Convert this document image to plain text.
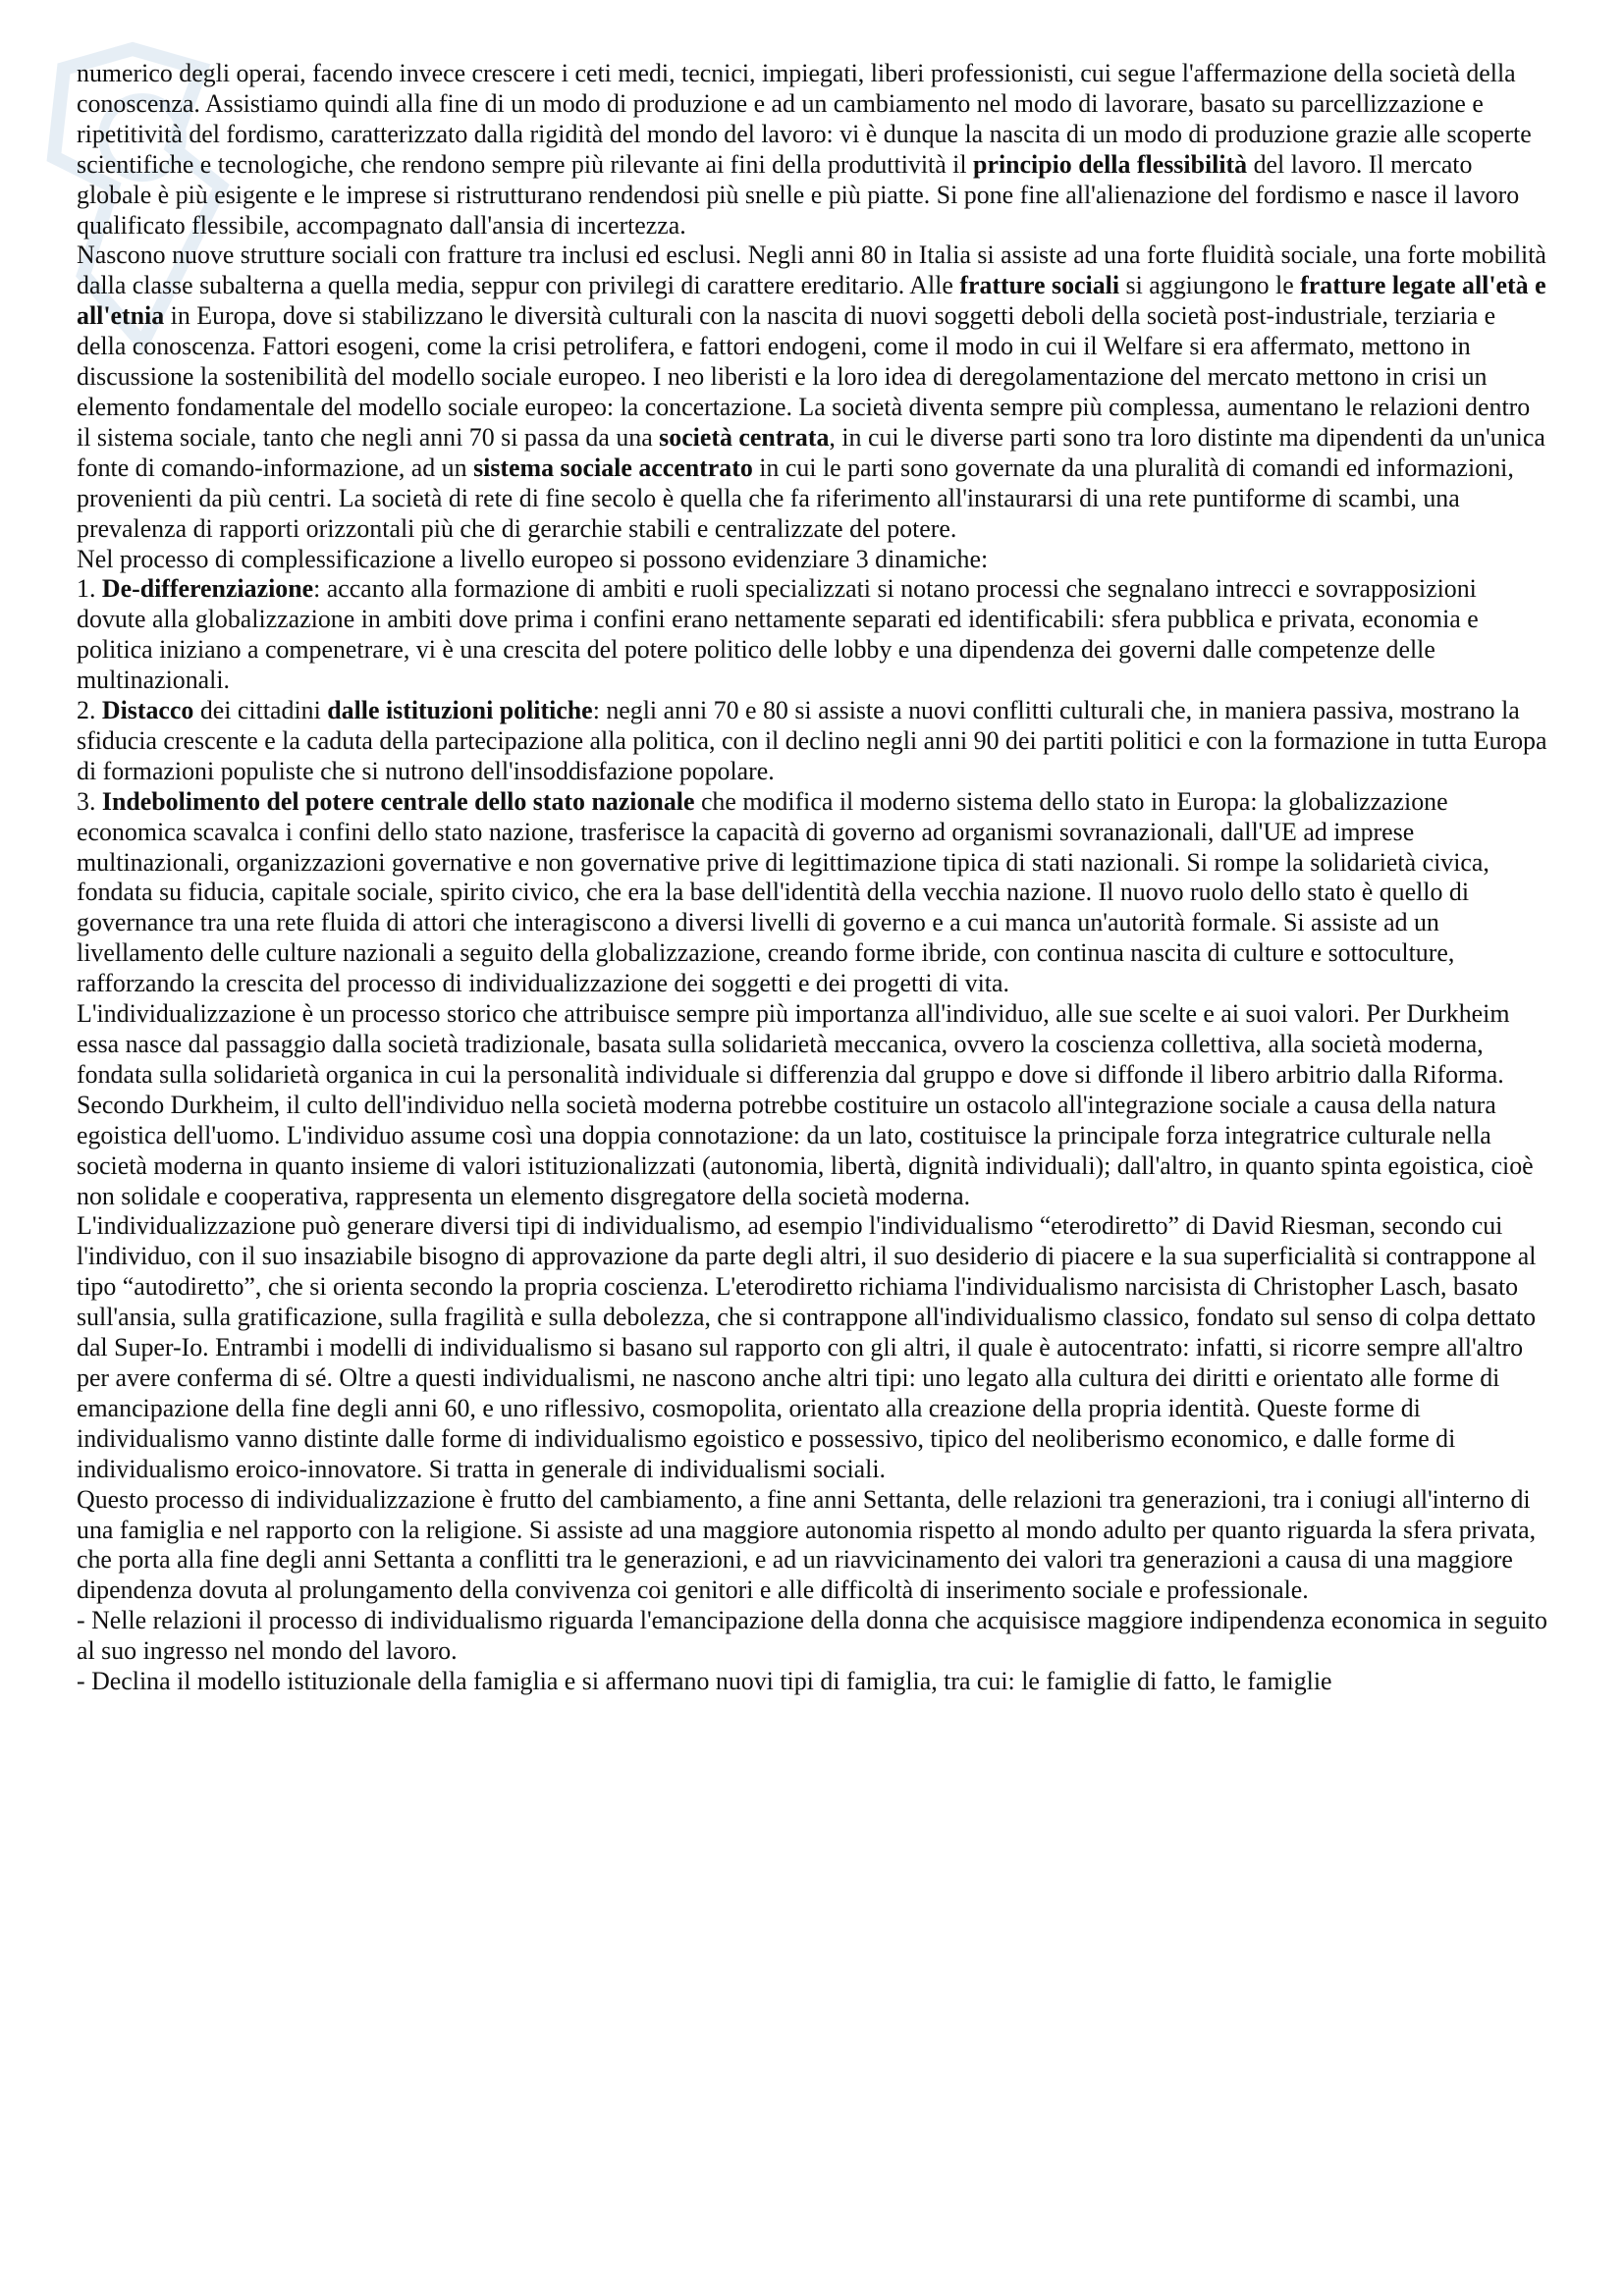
numerico degli operai, facendo invece crescere i ceti medi, tecnici, impiegati, liberi professionisti, cui segue l'affermazione della società della conoscenza. Assistiamo quindi alla fine di un modo di produzione e ad un cambiamento nel modo di lavorare, basato su parcellizzazione e ripetitività del fordismo, caratterizzato dalla rigidità del mondo del lavoro: vi è dunque la nascita di un modo di produzione grazie alle scoperte scientifiche e tecnologiche, che rendono sempre più rilevante ai fini della produttività il principio della flessibilità del lavoro. Il mercato globale è più esigente e le imprese si ristrutturano rendendosi più snelle e più piatte. Si pone fine all'alienazione del fordismo e nasce il lavoro qualificato flessibile, accompagnato dall'ansia di incertezza.

Nascono nuove strutture sociali con fratture tra inclusi ed esclusi. Negli anni 80 in Italia si assiste ad una forte fluidità sociale, una forte mobilità dalla classe subalterna a quella media, seppur con privilegi di carattere ereditario. Alle fratture sociali si aggiungono le fratture legate all'età e all'etnia in Europa, dove si stabilizzano le diversità culturali con la nascita di nuovi soggetti deboli della società post-industriale, terziaria e della conoscenza. Fattori esogeni, come la crisi petrolifera, e fattori endogeni, come il modo in cui il Welfare si era affermato, mettono in discussione la sostenibilità del modello sociale europeo. I neo liberisti e la loro idea di deregolamentazione del mercato mettono in crisi un elemento fondamentale del modello sociale europeo: la concertazione. La società diventa sempre più complessa, aumentano le relazioni dentro il sistema sociale, tanto che negli anni 70 si passa da una società centrata, in cui le diverse parti sono tra loro distinte ma dipendenti da un'unica fonte di comando-informazione, ad un sistema sociale accentrato in cui le parti sono governate da una pluralità di comandi ed informazioni, provenienti da più centri. La società di rete di fine secolo è quella che fa riferimento all'instaurarsi di una rete puntiforme di scambi, una prevalenza di rapporti orizzontali più che di gerarchie stabili e centralizzate del potere.

Nel processo di complessificazione a livello europeo si possono evidenziare 3 dinamiche:

1. De-differenziazione: accanto alla formazione di ambiti e ruoli specializzati si notano processi che segnalano intrecci e sovrapposizioni dovute alla globalizzazione in ambiti dove prima i confini erano nettamente separati ed identificabili: sfera pubblica e privata, economia e politica iniziano a compenetrare, vi è una crescita del potere politico delle lobby e una dipendenza dei governi dalle competenze delle multinazionali.

2. Distacco dei cittadini dalle istituzioni politiche: negli anni 70 e 80 si assiste a nuovi conflitti culturali che, in maniera passiva, mostrano la sfiducia crescente e la caduta della partecipazione alla politica, con il declino negli anni 90 dei partiti politici e con la formazione in tutta Europa di formazioni populiste che si nutrono dell'insoddisfazione popolare.

3. Indebolimento del potere centrale dello stato nazionale che modifica il moderno sistema dello stato in Europa: la globalizzazione economica scavalca i confini dello stato nazione, trasferisce la capacità di governo ad organismi sovranazionali, dall'UE ad imprese multinazionali, organizzazioni governative e non governative prive di legittimazione tipica di stati nazionali. Si rompe la solidarietà civica, fondata su fiducia, capitale sociale, spirito civico, che era la base dell'identità della vecchia nazione. Il nuovo ruolo dello stato è quello di governance tra una rete fluida di attori che interagiscono a diversi livelli di governo e a cui manca un'autorità formale. Si assiste ad un livellamento delle culture nazionali a seguito della globalizzazione, creando forme ibride, con continua nascita di culture e sottoculture, rafforzando la crescita del processo di individualizzazione dei soggetti e dei progetti di vita.

L'individualizzazione è un processo storico che attribuisce sempre più importanza all'individuo, alle sue scelte e ai suoi valori. Per Durkheim essa nasce dal passaggio dalla società tradizionale, basata sulla solidarietà meccanica, ovvero la coscienza collettiva, alla società moderna, fondata sulla solidarietà organica in cui la personalità individuale si differenzia dal gruppo e dove si diffonde il libero arbitrio dalla Riforma. Secondo Durkheim, il culto dell'individuo nella società moderna potrebbe costituire un ostacolo all'integrazione sociale a causa della natura egoistica dell'uomo. L'individuo assume così una doppia connotazione: da un lato, costituisce la principale forza integratrice culturale nella società moderna in quanto insieme di valori istituzionalizzati (autonomia, libertà, dignità individuali); dall'altro, in quanto spinta egoistica, cioè non solidale e cooperativa, rappresenta un elemento disgregatore della società moderna.

L'individualizzazione può generare diversi tipi di individualismo, ad esempio l'individualismo “eterodiretto” di David Riesman, secondo cui l'individuo, con il suo insaziabile bisogno di approvazione da parte degli altri, il suo desiderio di piacere e la sua superficialità si contrappone al tipo “autodiretto”, che si orienta secondo la propria coscienza. L'eterodiretto richiama l'individualismo narcisista di Christopher Lasch, basato sull'ansia, sulla gratificazione, sulla fragilità e sulla debolezza, che si contrappone all'individualismo classico, fondato sul senso di colpa dettato dal Super-Io. Entrambi i modelli di individualismo si basano sul rapporto con gli altri, il quale è autocentrato: infatti, si ricorre sempre all'altro per avere conferma di sé. Oltre a questi individualismi, ne nascono anche altri tipi: uno legato alla cultura dei diritti e orientato alle forme di emancipazione della fine degli anni 60, e uno riflessivo, cosmopolita, orientato alla creazione della propria identità. Queste forme di individualismo vanno distinte dalle forme di individualismo egoistico e possessivo, tipico del neoliberismo economico, e dalle forme di individualismo eroico-innovatore. Si tratta in generale di individualismi sociali.

Questo processo di individualizzazione è frutto del cambiamento, a fine anni Settanta, delle relazioni tra generazioni, tra i coniugi all'interno di una famiglia e nel rapporto con la religione. Si assiste ad una maggiore autonomia rispetto al mondo adulto per quanto riguarda la sfera privata, che porta alla fine degli anni Settanta a conflitti tra le generazioni, e ad un riavvicinamento dei valori tra generazioni a causa di una maggiore dipendenza dovuta al prolungamento della convivenza coi genitori e alle difficoltà di inserimento sociale e professionale.

- Nelle relazioni il processo di individualismo riguarda l'emancipazione della donna che acquisisce maggiore indipendenza economica in seguito al suo ingresso nel mondo del lavoro.

- Declina il modello istituzionale della famiglia e si affermano nuovi tipi di famiglia, tra cui: le famiglie di fatto, le famiglie
